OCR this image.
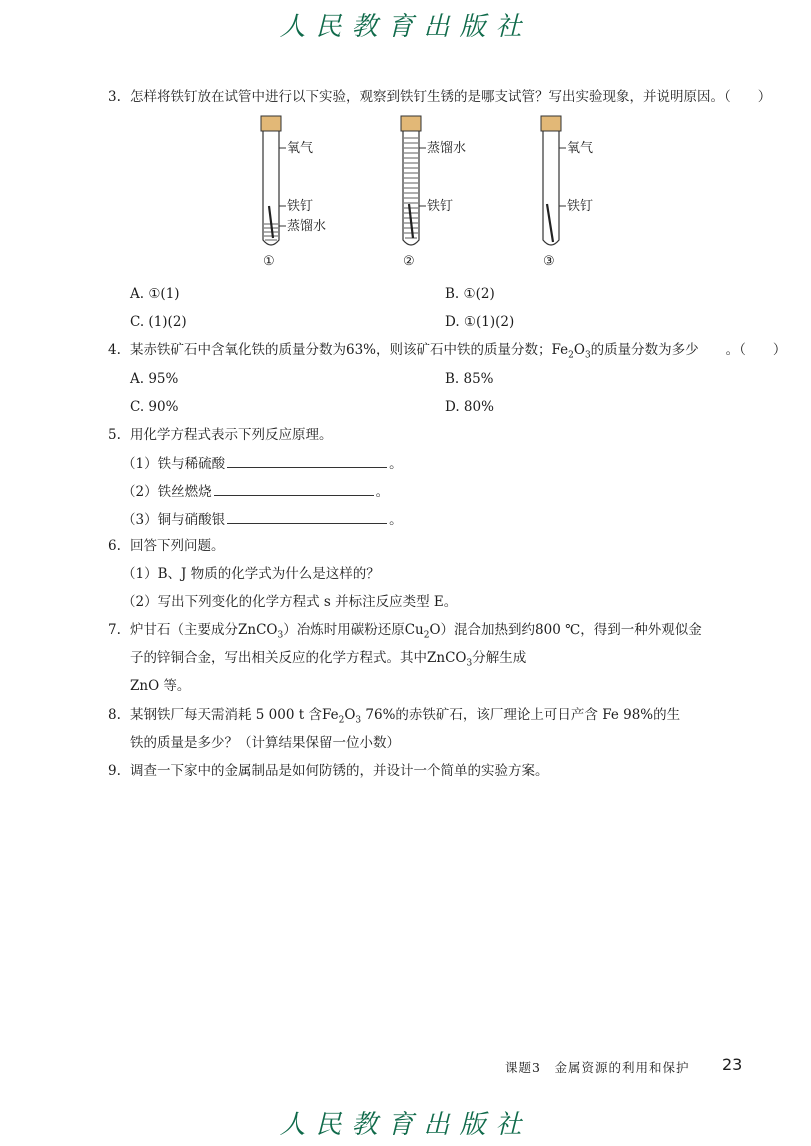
人民教育出版社
3. 怎样将铁钉放在试管中进行以下实验，观察到铁钉生锈的是哪支试管？写出实验现象，并说明原因。（　　）
氧气
铁钉
蒸馏水
①
蒸馏水
铁钉
②
氧气
铁钉
③
A. ①(1)	B. ①(2)
C. (1)(2)	D. ①(1)(2)
4. 某赤铁矿石中含氧化铁的质量分数为63%，则该矿石中铁的质量分数；$Fe_2O_3$的质量分数为多少　　。（　　）
A. 95%	B. 85%
C. 90%	D. 80%
5. 用化学方程式表示下列反应原理。
（1）铁与稀硫酸	。
（2）铁丝燃烧	。
（3）铜与硝酸银	。
6. 回答下列问题。
（1）B、J 物质的化学式为什么是这样的？
（2）写出下列变化的化学方程式 s 并标注反应类型 E。
7. 炉甘石（主要成分ZnCO$_3$）冶炼时用碳粉还原$Cu_2O$）混合加热到约800 ℃，得到一种外观似金
子的锌铜合金，写出相关反应的化学方程式。其中ZnCO$_3$分解生成
ZnO 等。
8. 某钢铁厂每天需消耗 5 000 t 含$Fe_2O_3$ 76%的赤铁矿石，该厂理论上可日产含 Fe 98%的生
铁的质量是多少？（计算结果保留一位小数）
9. 调查一下家中的金属制品是如何防锈的，并设计一个简单的实验方案。
课题3　金属资源的利用和保护 23
人民教育出版社
